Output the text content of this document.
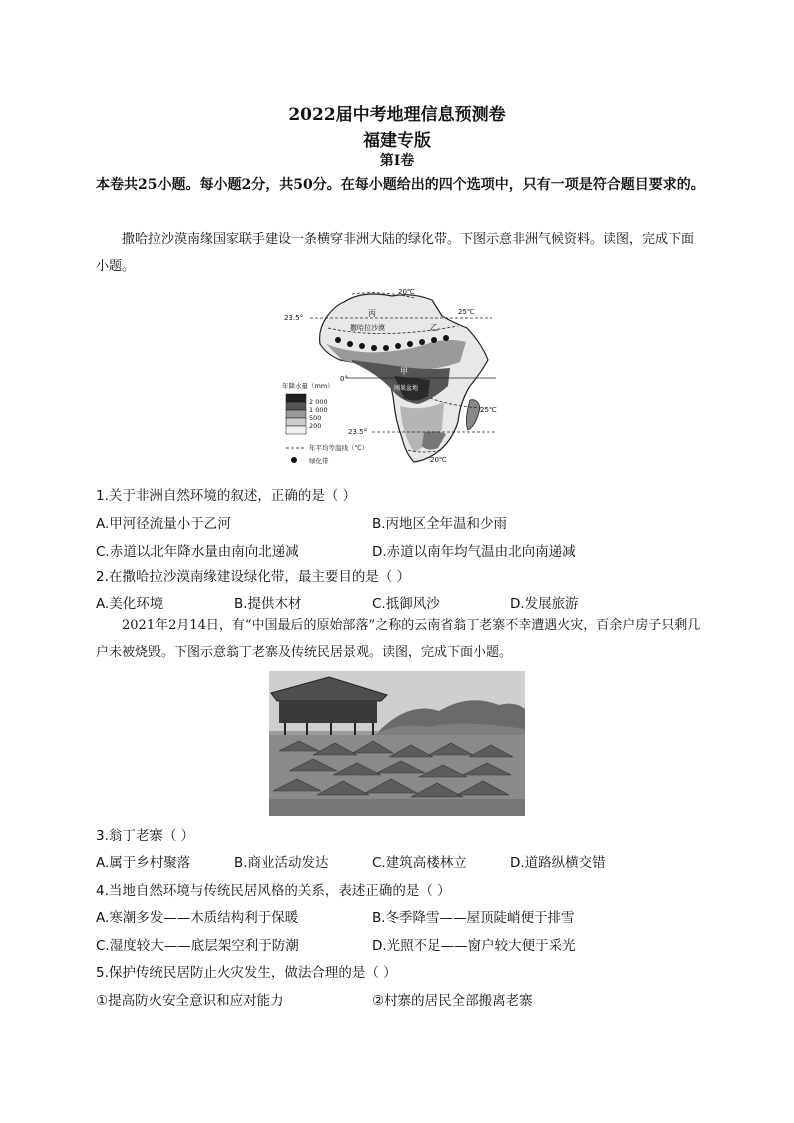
2022届中考地理信息预测卷
福建专版
第Ⅰ卷
本卷共25小题。每小题2分，共50分。在每小题给出的四个选项中，只有一项是符合题目要求的。
撒哈拉沙漠南缘国家联手建设一条横穿非洲大陆的绿化带。下图示意非洲气候资料。读图，完成下面小题。
20℃
23.5°
25℃
丙
撒哈拉沙漠	乙
0°
甲
刚果盆地
25℃
23.5°
20℃
年降水量（mm）
2 000
1 000
500
200
年平均等温线（℃）
绿化带
1.关于非洲自然环境的叙述，正确的是（ ）
A.甲河径流量小于乙河	B.丙地区全年温和少雨
C.赤道以北年降水量由南向北递减	D.赤道以南年均气温由北向南递减
2.在撒哈拉沙漠南缘建设绿化带，最主要目的是（ ）
A.美化环境	B.提供木材	C.抵御风沙	D.发展旅游
2021年2月14日，有“中国最后的原始部落”之称的云南省翁丁老寨不幸遭遇火灾，百余户房子只剩几户未被烧毁。下图示意翁丁老寨及传统民居景观。读图，完成下面小题。
3.翁丁老寨（ ）
A.属于乡村聚落	B.商业活动发达	C.建筑高楼林立	D.道路纵横交错
4.当地自然环境与传统民居风格的关系，表述正确的是（ ）
A.寒潮多发——木质结构利于保暖	B.冬季降雪——屋顶陡峭便于排雪
C.湿度较大——底层架空利于防潮	D.光照不足——窗户较大便于采光
5.保护传统民居防止火灾发生，做法合理的是（ ）
①提高防火安全意识和应对能力	②村寨的居民全部搬离老寨
